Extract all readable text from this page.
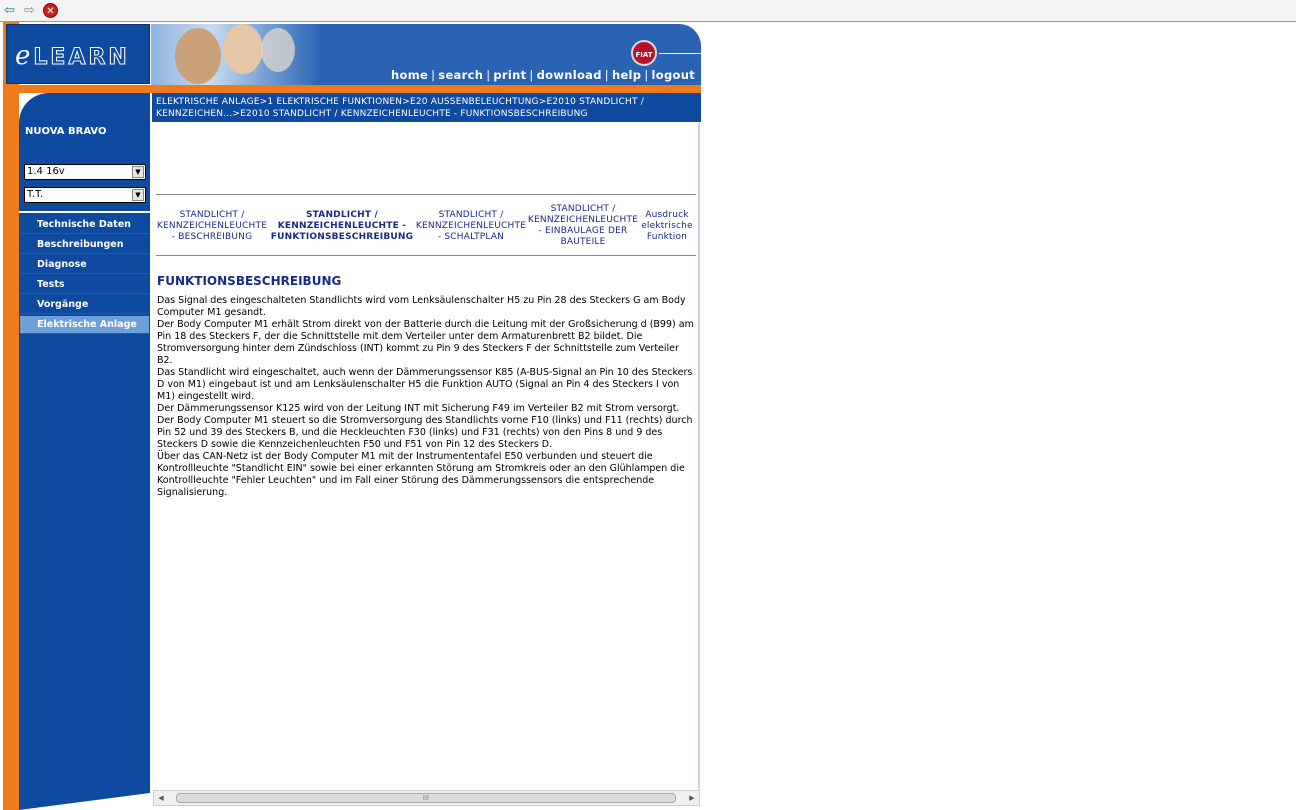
⇦ ⇨	✕
eLEARN	FIAT
home | search | print | download | help | logout
ELEKTRISCHE ANLAGE>1 ELEKTRISCHE FUNKTIONEN>E20 AUSSENBELEUCHTUNG>E2010 STANDLICHT / KENNZEICHEN...>E2010 STANDLICHT / KENNZEICHENLEUCHTE - FUNKTIONSBESCHREIBUNG
NUOVA BRAVO
1.4 16v	▼
T.T.	▼
Technische Daten
Beschreibungen
Diagnose
Tests
Vorgänge
Elektrische Anlage
STANDLICHT / KENNZEICHENLEUCHTE - BESCHREIBUNG
STANDLICHT / KENNZEICHENLEUCHTE - FUNKTIONSBESCHREIBUNG
STANDLICHT / KENNZEICHENLEUCHTE - SCHALTPLAN
STANDLICHT / KENNZEICHENLEUCHTE - EINBAULAGE DER BAUTEILE
Ausdruck elektrische Funktion
FUNKTIONSBESCHREIBUNG

Das Signal des eingeschalteten Standlichts wird vom Lenksäulenschalter H5 zu Pin 28 des Steckers G am Body Computer M1 gesandt.

Der Body Computer M1 erhält Strom direkt von der Batterie durch die Leitung mit der Großsicherung d (B99) am Pin 18 des Steckers F, der die Schnittstelle mit dem Verteiler unter dem Armaturenbrett B2 bildet. Die Stromversorgung hinter dem Zündschloss (INT) kommt zu Pin 9 des Steckers F der Schnittstelle zum Verteiler B2.

Das Standlicht wird eingeschaltet, auch wenn der Dämmerungssensor K85 (A-BUS-Signal an Pin 10 des Steckers D von M1) eingebaut ist und am Lenksäulenschalter H5 die Funktion AUTO (Signal an Pin 4 des Steckers I von M1) eingestellt wird.

Der Dämmerungssensor K125 wird von der Leitung INT mit Sicherung F49 im Verteiler B2 mit Strom versorgt.

Der Body Computer M1 steuert so die Stromversorgung des Standlichts vorne F10 (links) und F11 (rechts) durch Pin 52 und 39 des Steckers B, und die Heckleuchten F30 (links) und F31 (rechts) von den Pins 8 und 9 des Steckers D sowie die Kennzeichenleuchten F50 und F51 von Pin 12 des Steckers D.

Über das CAN-Netz ist der Body Computer M1 mit der Instrumententafel E50 verbunden und steuert die Kontrollleuchte "Standlicht EIN" sowie bei einer erkannten Störung am Stromkreis oder an den Glühlampen die Kontrollleuchte "Fehler Leuchten" und im Fall einer Störung des Dämmerungssensors die entsprechende Signalisierung.

◀	III	▶
